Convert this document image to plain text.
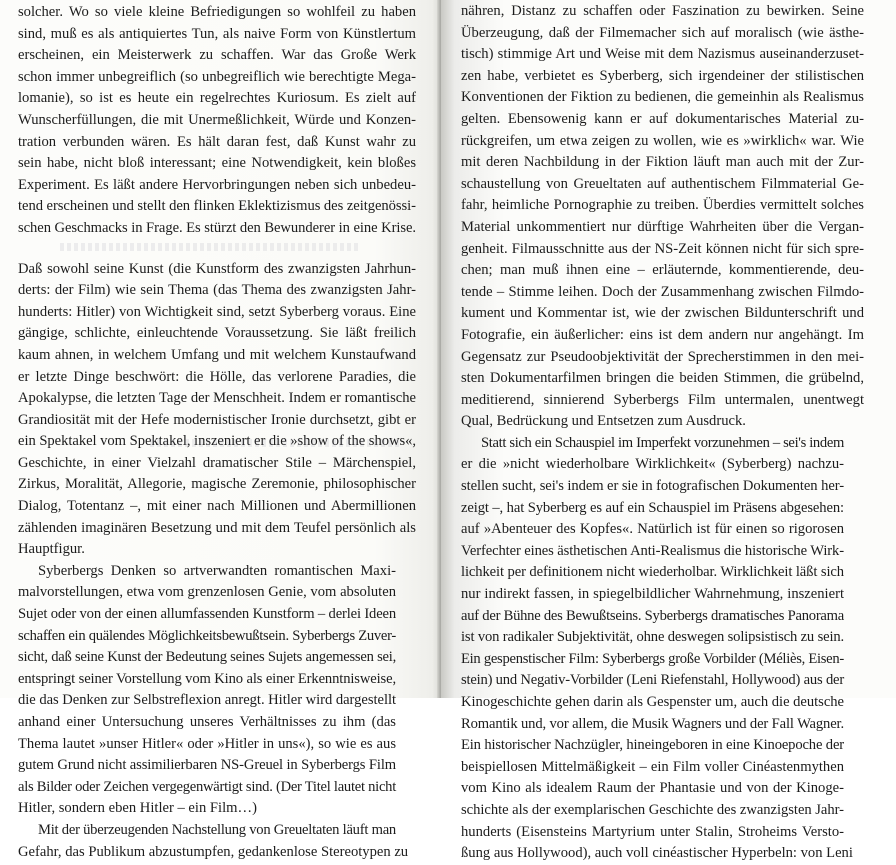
solcher. Wo so viele kleine Befriedigungen so wohlfeil zu haben
sind, muß es als antiquiertes Tun, als naive Form von Künstlertum
erscheinen, ein Meisterwerk zu schaffen. War das Große Werk
schon immer unbegreiflich (so unbegreiflich wie berechtigte Mega-
lomanie), so ist es heute ein regelrechtes Kuriosum. Es zielt auf
Wunscherfüllungen, die mit Unermeßlichkeit, Würde und Konzen-
tration verbunden wären. Es hält daran fest, daß Kunst wahr zu
sein habe, nicht bloß interessant; eine Notwendigkeit, kein bloßes
Experiment. Es läßt andere Hervorbringungen neben sich unbedeu-
tend erscheinen und stellt den flinken Eklektizismus des zeitgenössi-
schen Geschmacks in Frage. Es stürzt den Bewunderer in eine Krise.
Daß sowohl seine Kunst (die Kunstform des zwanzigsten Jahrhun-
derts: der Film) wie sein Thema (das Thema des zwanzigsten Jahr-
hunderts: Hitler) von Wichtigkeit sind, setzt Syberberg voraus. Eine
gängige, schlichte, einleuchtende Voraussetzung. Sie läßt freilich
kaum ahnen, in welchem Umfang und mit welchem Kunstaufwand
er letzte Dinge beschwört: die Hölle, das verlorene Paradies, die
Apokalypse, die letzten Tage der Menschheit. Indem er romantische
Grandiosität mit der Hefe modernistischer Ironie durchsetzt, gibt er
ein Spektakel vom Spektakel, inszeniert er die »show of the shows«,
Geschichte, in einer Vielzahl dramatischer Stile – Märchenspiel,
Zirkus, Moralität, Allegorie, magische Zeremonie, philosophischer
Dialog, Totentanz –, mit einer nach Millionen und Abermillionen
zählenden imaginären Besetzung und mit dem Teufel persönlich als
Hauptfigur.
Syberbergs Denken so artverwandten romantischen Maxi-
malvorstellungen, etwa vom grenzenlosen Genie, vom absoluten
Sujet oder von der einen allumfassenden Kunstform – derlei Ideen
schaffen ein quälendes Möglichkeitsbewußtsein. Syberbergs Zuver-
sicht, daß seine Kunst der Bedeutung seines Sujets angemessen sei,
entspringt seiner Vorstellung vom Kino als einer Erkenntnisweise,
die das Denken zur Selbstreflexion anregt. Hitler wird dargestellt
anhand einer Untersuchung unseres Verhältnisses zu ihm (das
Thema lautet »unser Hitler« oder »Hitler in uns«), so wie es aus
gutem Grund nicht assimilierbaren NS-Greuel in Syberbergs Film
als Bilder oder Zeichen vergegenwärtigt sind. (Der Titel lautet nicht
Hitler, sondern eben Hitler – ein Film…)
Mit der überzeugenden Nachstellung von Greueltaten läuft man
Gefahr, das Publikum abzustumpfen, gedankenlose Stereotypen zu
nähren, Distanz zu schaffen oder Faszination zu bewirken. Seine
Überzeugung, daß der Filmemacher sich auf moralisch (wie ästhe-
tisch) stimmige Art und Weise mit dem Nazismus auseinanderzuset-
zen habe, verbietet es Syberberg, sich irgendeiner der stilistischen
Konventionen der Fiktion zu bedienen, die gemeinhin als Realismus
gelten. Ebensowenig kann er auf dokumentarisches Material zu-
rückgreifen, um etwa zeigen zu wollen, wie es »wirklich« war. Wie
mit deren Nachbildung in der Fiktion läuft man auch mit der Zur-
schaustellung von Greueltaten auf authentischem Filmmaterial Ge-
fahr, heimliche Pornographie zu treiben. Überdies vermittelt solches
Material unkommentiert nur dürftige Wahrheiten über die Vergan-
genheit. Filmausschnitte aus der NS-Zeit können nicht für sich spre-
chen; man muß ihnen eine – erläuternde, kommentierende, deu-
tende – Stimme leihen. Doch der Zusammenhang zwischen Filmdo-
kument und Kommentar ist, wie der zwischen Bildunterschrift und
Fotografie, ein äußerlicher: eins ist dem andern nur angehängt. Im
Gegensatz zur Pseudoobjektivität der Sprecherstimmen in den mei-
sten Dokumentarfilmen bringen die beiden Stimmen, die grübelnd,
meditierend, sinnierend Syberbergs Film untermalen, unentwegt
Qual, Bedrückung und Entsetzen zum Ausdruck.
Statt sich ein Schauspiel im Imperfekt vorzunehmen – sei's indem
er die »nicht wiederholbare Wirklichkeit« (Syberberg) nachzu-
stellen sucht, sei's indem er sie in fotografischen Dokumenten her-
zeigt –, hat Syberberg es auf ein Schauspiel im Präsens abgesehen:
auf »Abenteuer des Kopfes«. Natürlich ist für einen so rigorosen
Verfechter eines ästhetischen Anti-Realismus die historische Wirk-
lichkeit per definitionem nicht wiederholbar. Wirklichkeit läßt sich
nur indirekt fassen, in spiegelbildlicher Wahrnehmung, inszeniert
auf der Bühne des Bewußtseins. Syberbergs dramatisches Panorama
ist von radikaler Subjektivität, ohne deswegen solipsistisch zu sein.
Ein gespenstischer Film: Syberbergs große Vorbilder (Méliès, Eisen-
stein) und Negativ-Vorbilder (Leni Riefenstahl, Hollywood) aus der
Kinogeschichte gehen darin als Gespenster um, auch die deutsche
Romantik und, vor allem, die Musik Wagners und der Fall Wagner.
Ein historischer Nachzügler, hineingeboren in eine Kinoepoche der
beispiellosen Mittelmäßigkeit – ein Film voller Cinéastenmythen
vom Kino als idealem Raum der Phantasie und von der Kinoge-
schichte als der exemplarischen Geschichte des zwanzigsten Jahr-
hunderts (Eisensteins Martyrium unter Stalin, Stroheims Versto-
ßung aus Hollywood), auch voll cinéastischer Hyperbeln: von Leni
